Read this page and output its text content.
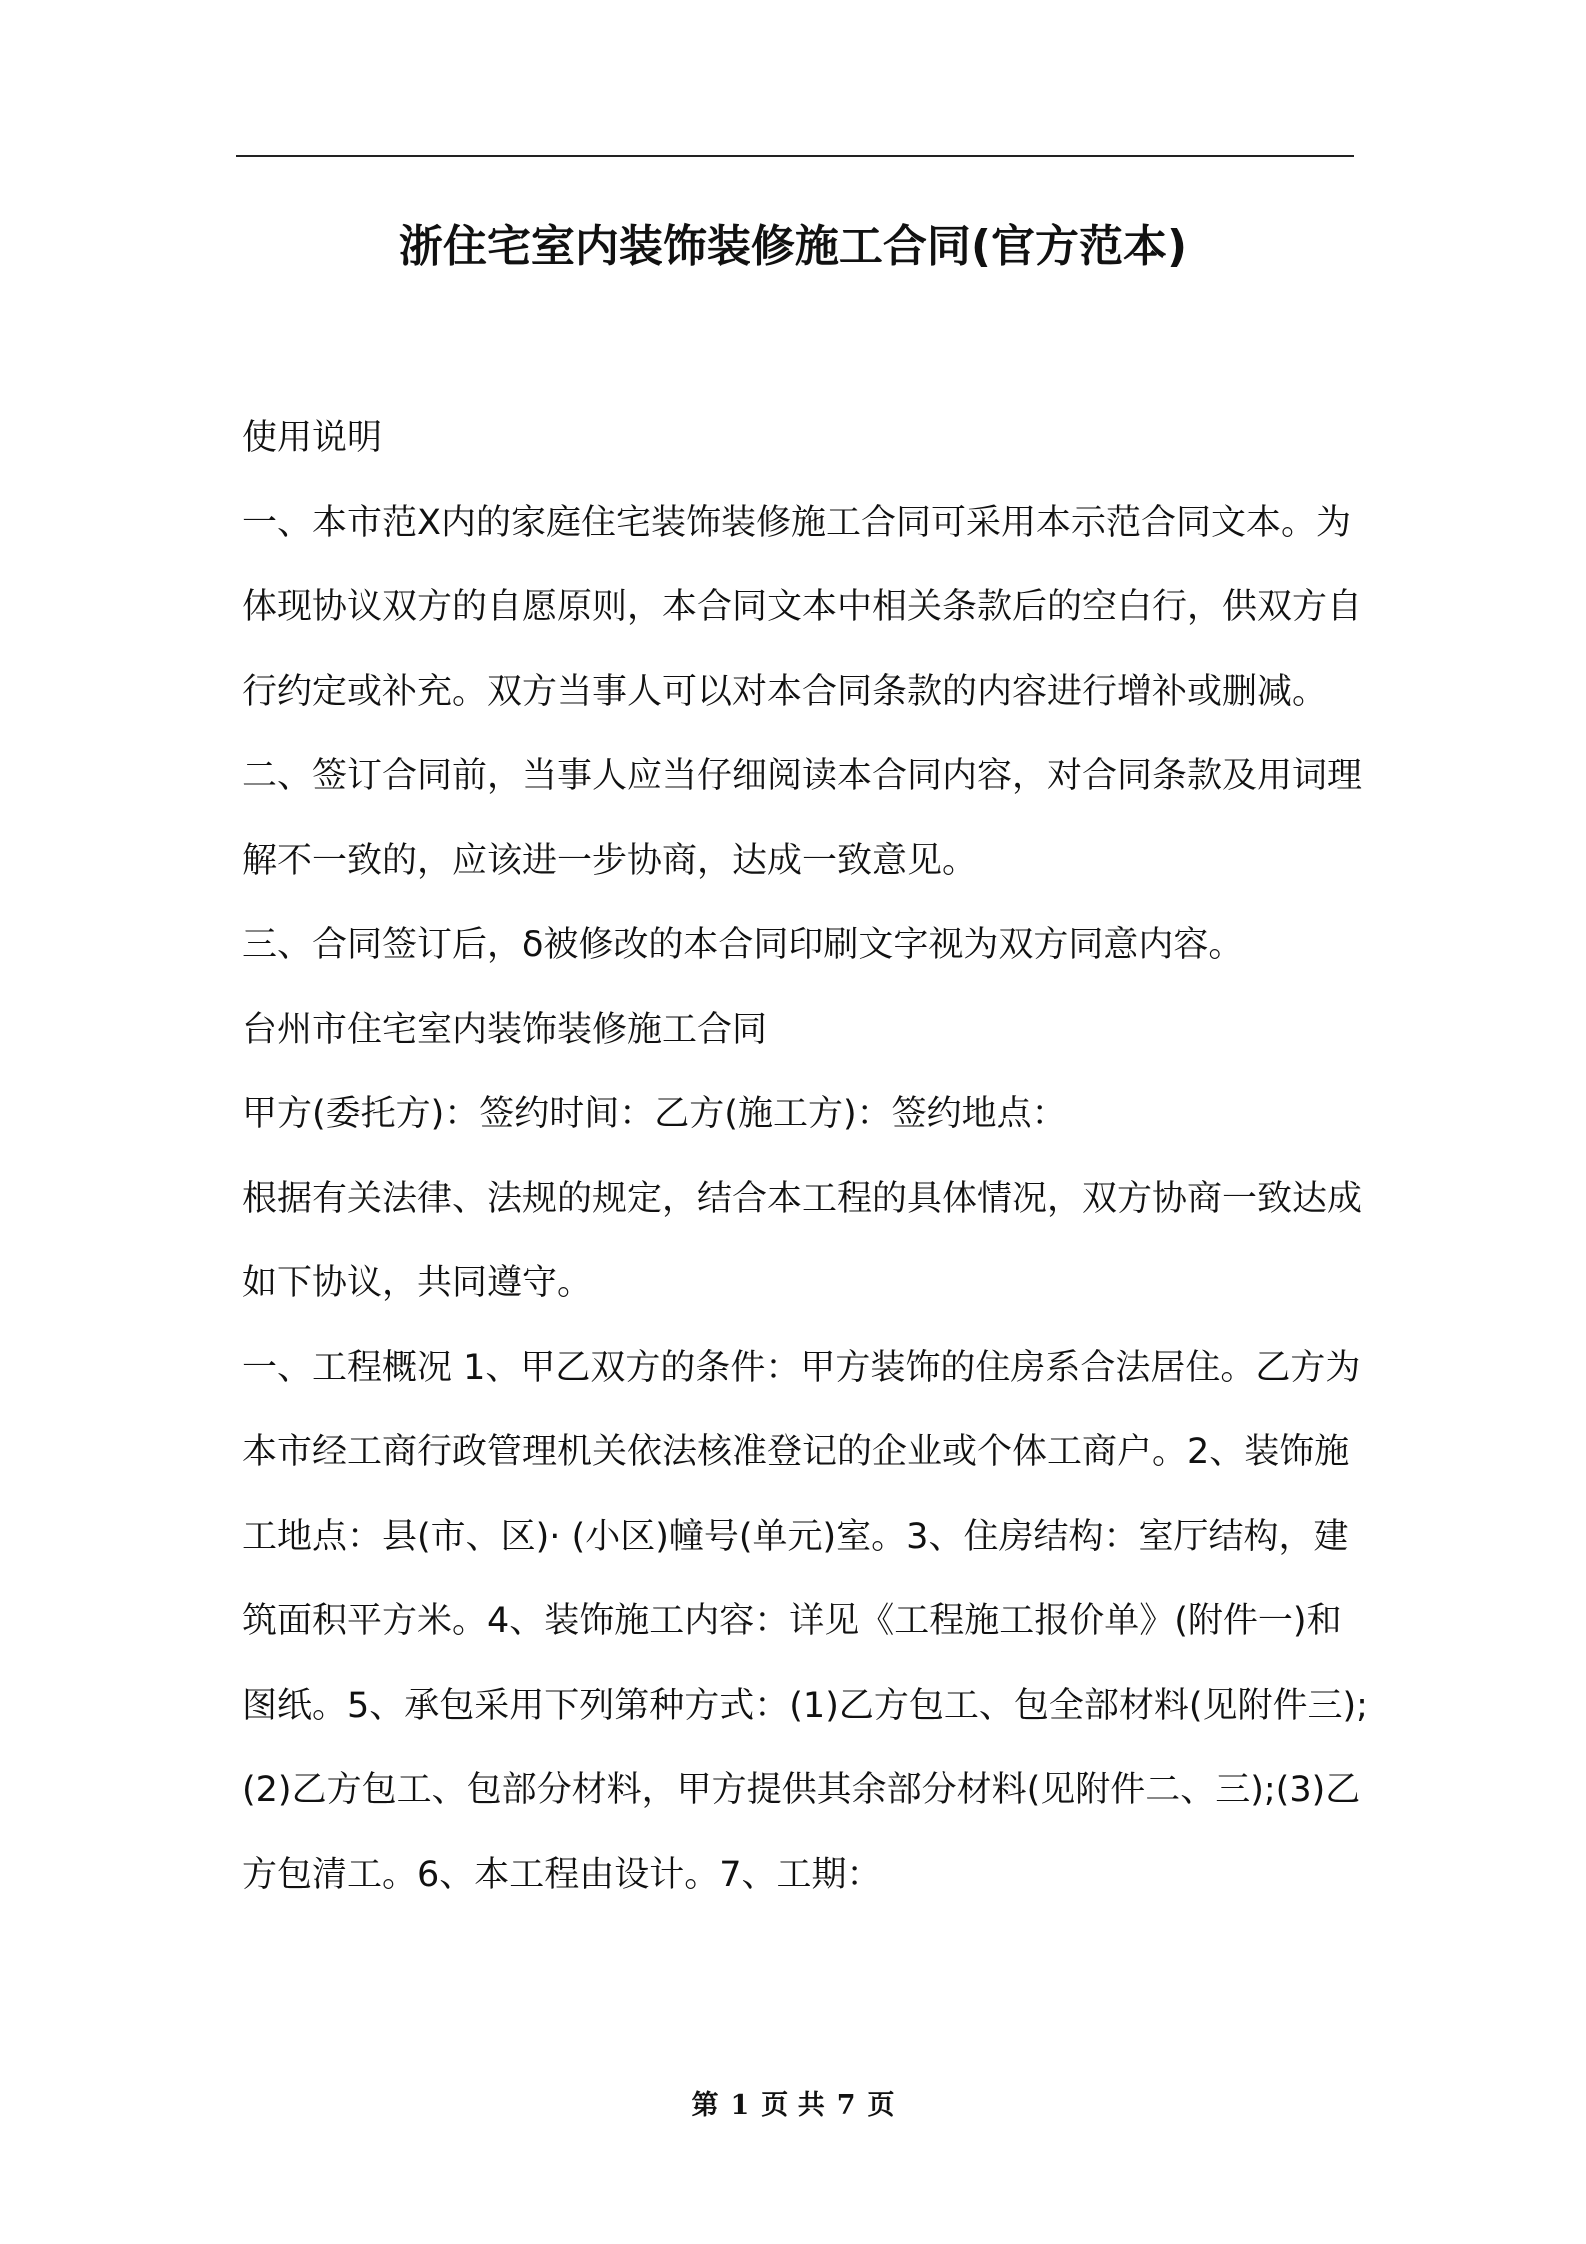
浙住宅室内装饰装修施工合同(官方范本)

使用说明

一、本市范X内的家庭住宅装饰装修施工合同可采用本示范合同文本。为体现协议双方的自愿原则，本合同文本中相关条款后的空白行，供双方自行约定或补充。双方当事人可以对本合同条款的内容进行增补或删减。

二、签订合同前，当事人应当仔细阅读本合同内容，对合同条款及用词理解不一致的，应该进一步协商，达成一致意见。

三、合同签订后，δ被修改的本合同印刷文字视为双方同意内容。

台州市住宅室内装饰装修施工合同

甲方(委托方)：签约时间：乙方(施工方)：签约地点：

根据有关法律、法规的规定，结合本工程的具体情况，双方协商一致达成如下协议，共同遵守。

一、工程概况 1、甲乙双方的条件：甲方装饰的住房系合法居住。乙方为本市经工商行政管理机关依法核准登记的企业或个体工商户。2、装饰施工地点：县(市、区)· (小区)幢号(单元)室。3、住房结构：室厅结构，建筑面积平方米。4、装饰施工内容：详见《工程施工报价单》(附件一)和图纸。5、承包采用下列第种方式：(1)乙方包工、包全部材料(见附件三);(2)乙方包工、包部分材料，甲方提供其余部分材料(见附件二、三);(3)乙方包清工。6、本工程由设计。7、工期：

第 1 页 共 7 页
